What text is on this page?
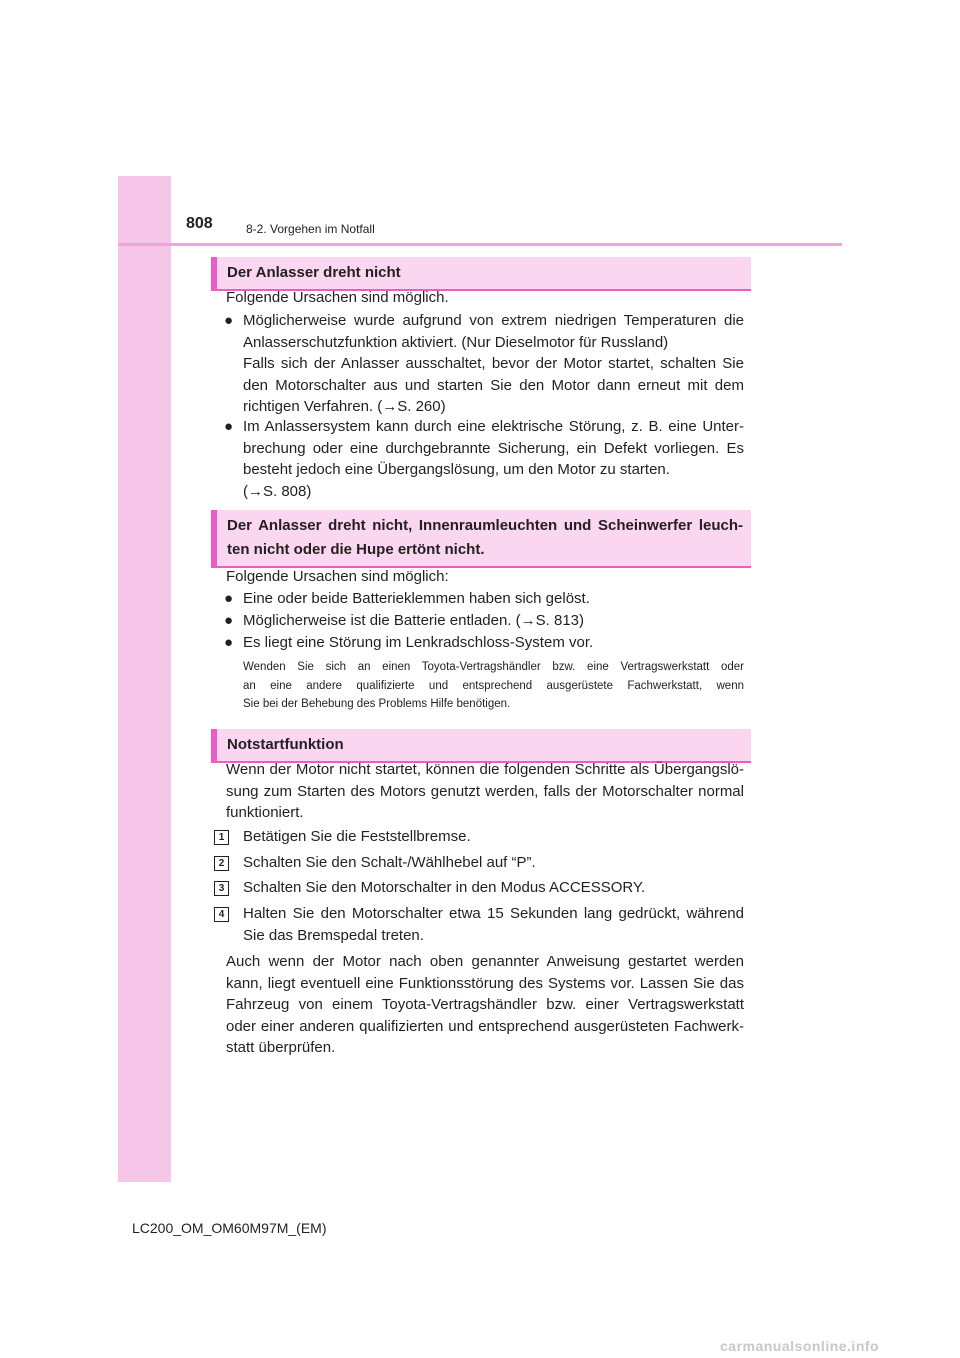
808	8-2. Vorgehen im Notfall
Der Anlasser dreht nicht
Folgende Ursachen sind möglich.
● Möglicherweise wurde aufgrund von extrem niedrigen Temperaturen die
Anlasserschutzfunktion aktiviert. (Nur Dieselmotor für Russland)
Falls sich der Anlasser ausschaltet, bevor der Motor startet, schalten Sie
den Motorschalter aus und starten Sie den Motor dann erneut mit dem
richtigen Verfahren. (→S. 260)
● Im Anlassersystem kann durch eine elektrische Störung, z. B. eine Unter-
brechung oder eine durchgebrannte Sicherung, ein Defekt vorliegen. Es
besteht jedoch eine Übergangslösung, um den Motor zu starten.
(→S. 808)
Der Anlasser dreht nicht, Innenraumleuchten und Scheinwerfer leuch-
ten nicht oder die Hupe ertönt nicht.
Folgende Ursachen sind möglich:
● Eine oder beide Batterieklemmen haben sich gelöst.
● Möglicherweise ist die Batterie entladen. (→S. 813)
● Es liegt eine Störung im Lenkradschloss-System vor.
Wenden Sie sich an einen Toyota-Vertragshändler bzw. eine Vertragswerkstatt oder
an eine andere qualifizierte und entsprechend ausgerüstete Fachwerkstatt, wenn
Sie bei der Behebung des Problems Hilfe benötigen.
Notstartfunktion
Wenn der Motor nicht startet, können die folgenden Schritte als Übergangslö-
sung zum Starten des Motors genutzt werden, falls der Motorschalter normal
funktioniert.
1	Betätigen Sie die Feststellbremse.
2	Schalten Sie den Schalt-/Wählhebel auf “P”.
3	Schalten Sie den Motorschalter in den Modus ACCESSORY.
4	Halten Sie den Motorschalter etwa 15 Sekunden lang gedrückt, während
Sie das Bremspedal treten.
Auch wenn der Motor nach oben genannter Anweisung gestartet werden
kann, liegt eventuell eine Funktionsstörung des Systems vor. Lassen Sie das
Fahrzeug von einem Toyota-Vertragshändler bzw. einer Vertragswerkstatt
oder einer anderen qualifizierten und entsprechend ausgerüsteten Fachwerk-
statt überprüfen.
LC200_OM_OM60M97M_(EM)
carmanualsonline.info
